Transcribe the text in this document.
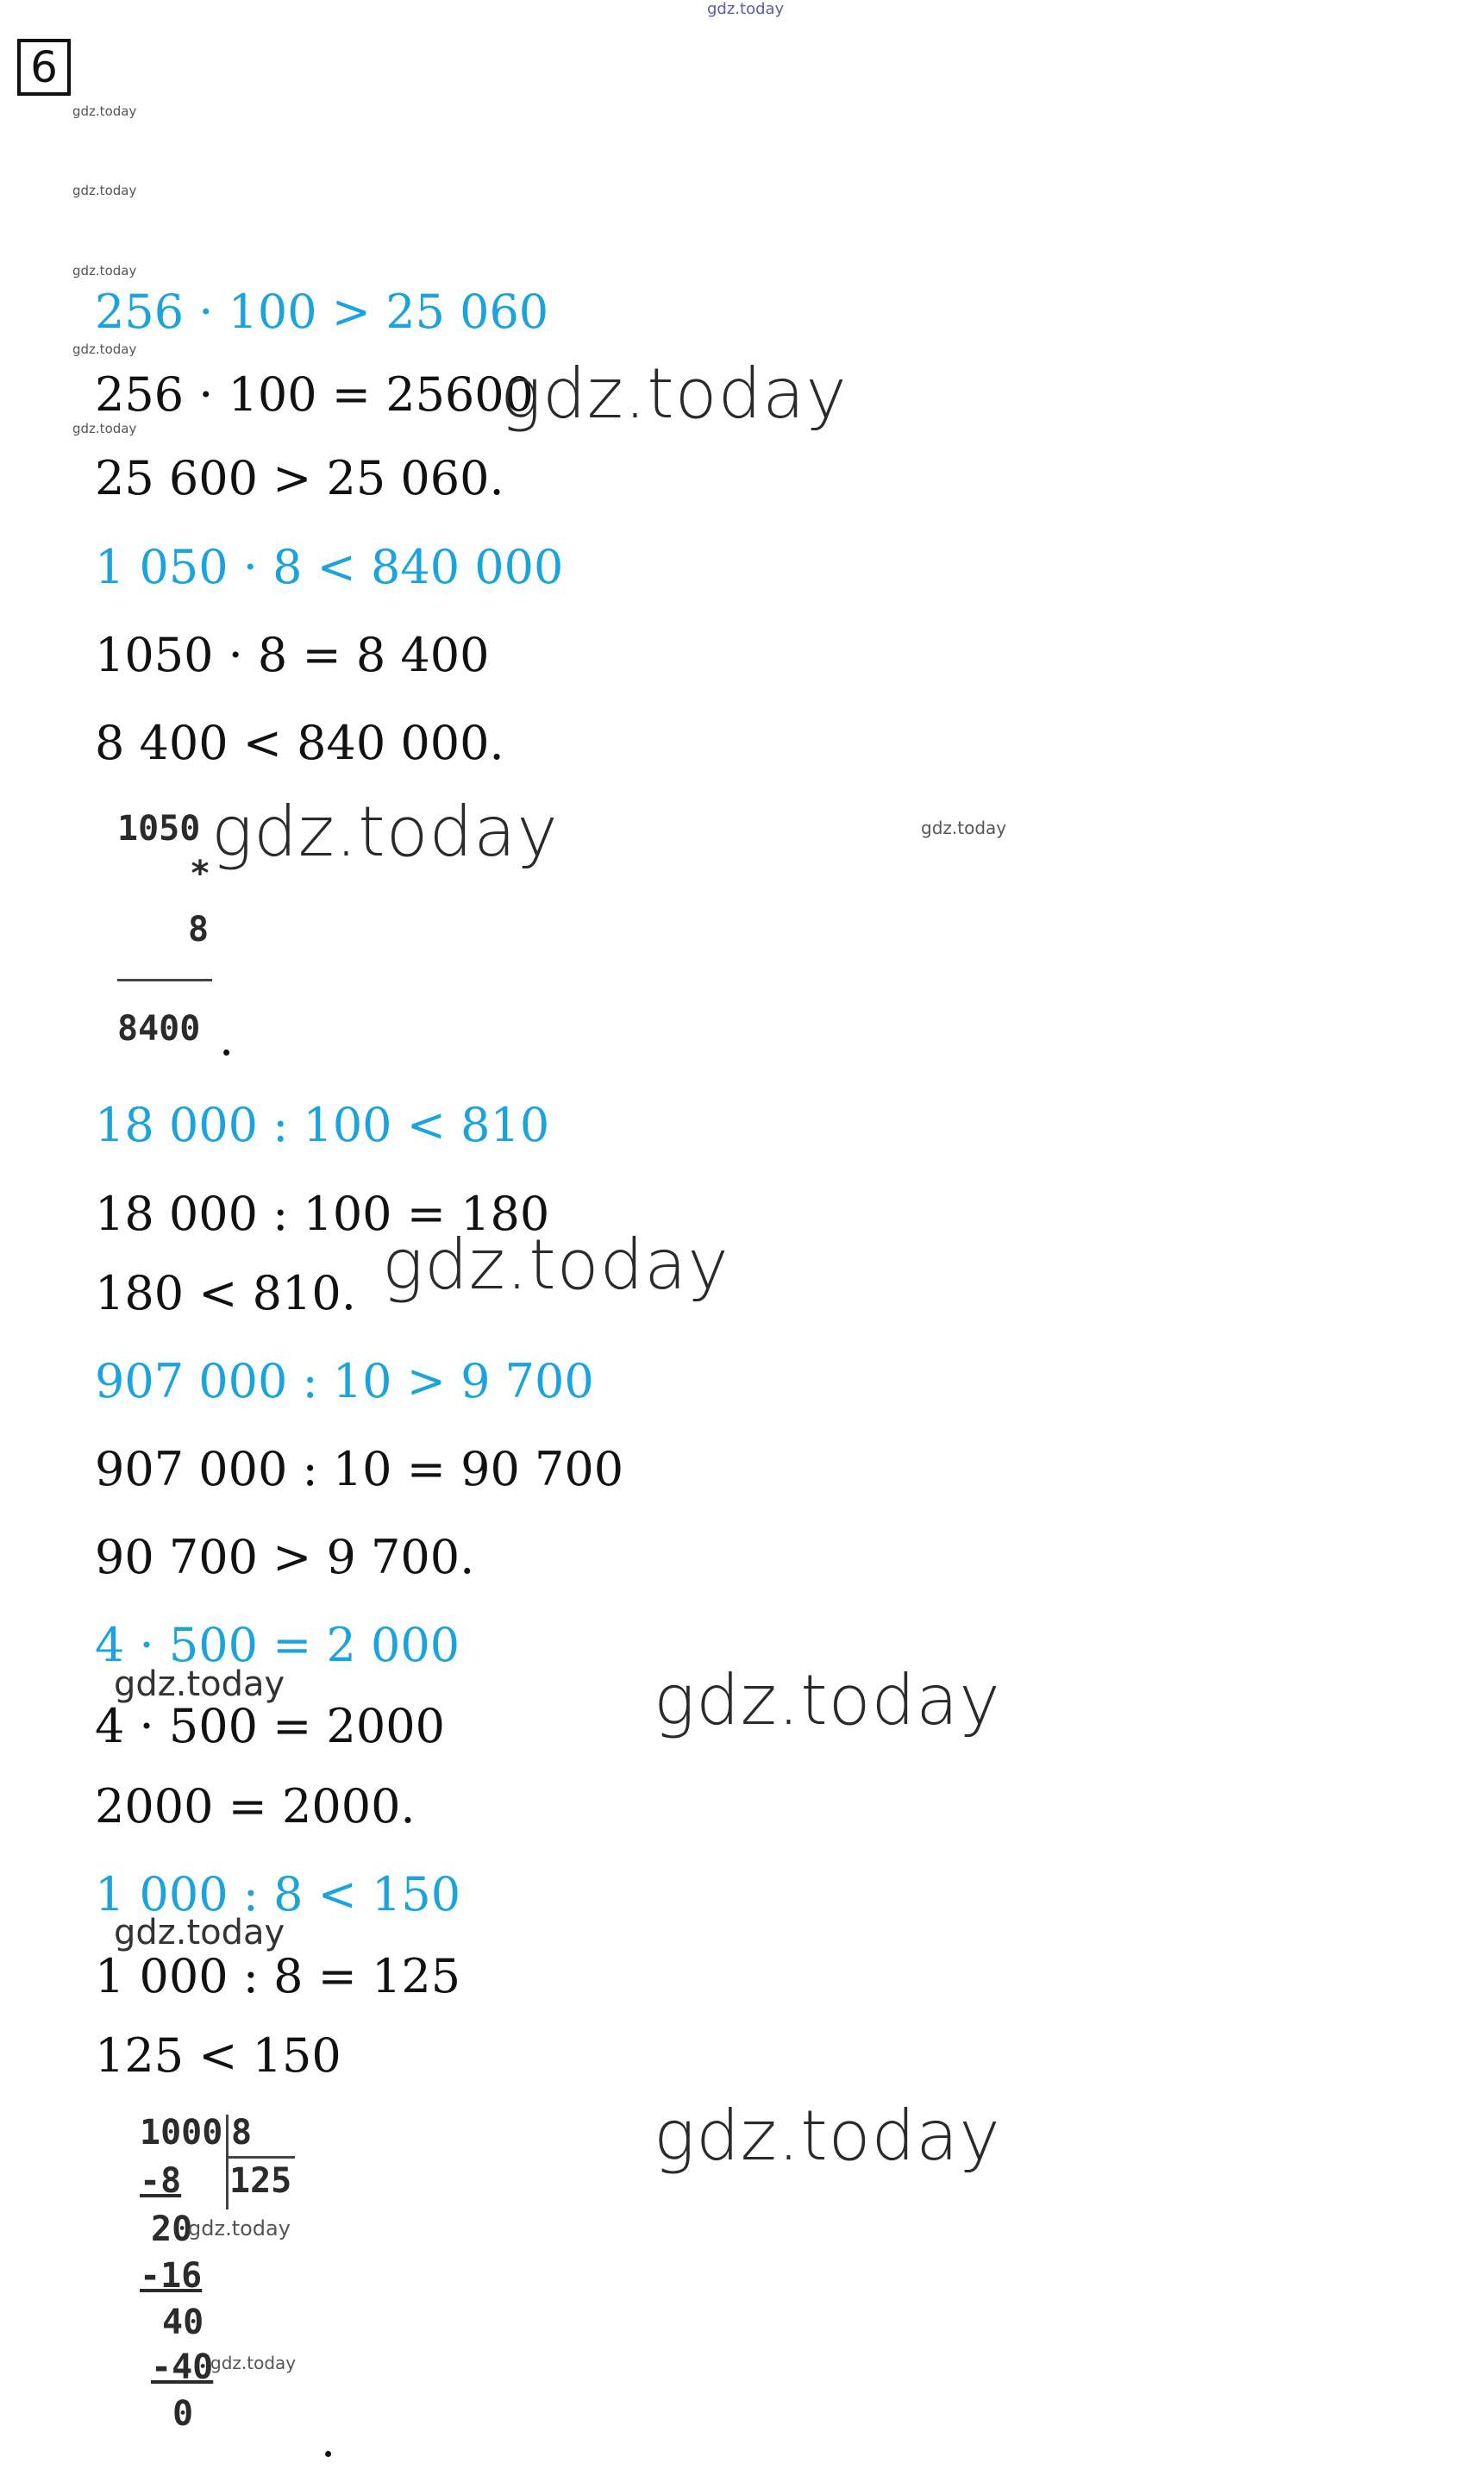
gdz.today
6
gdz.today
gdz.today
gdz.today
gdz.today
gdz.today
256 · 100 > 25 060
256 · 100 = 25600
gdz.today
25 600 > 25 060.
1 050 · 8 < 840 000
1050 · 8 = 8 400
8 400 < 840 000.
1050 gdz.today	gdz.today
*
8
8400 .
18 000 : 100 < 810
18 000 : 100 = 180
180 < 810. gdz.today
907 000 : 10 > 9 700
907 000 : 10 = 90 700
90 700 > 9 700.
4 · 500 = 2 000
gdz.today	gdz.today
4 · 500 = 2000
2000 = 2000.
1 000 : 8 < 150
gdz.today
1 000 : 8 = 125
125 < 150
gdz.today
1000 8
125
-8
20
gdz.today
-16
40
-40
gdz.today
0	.
